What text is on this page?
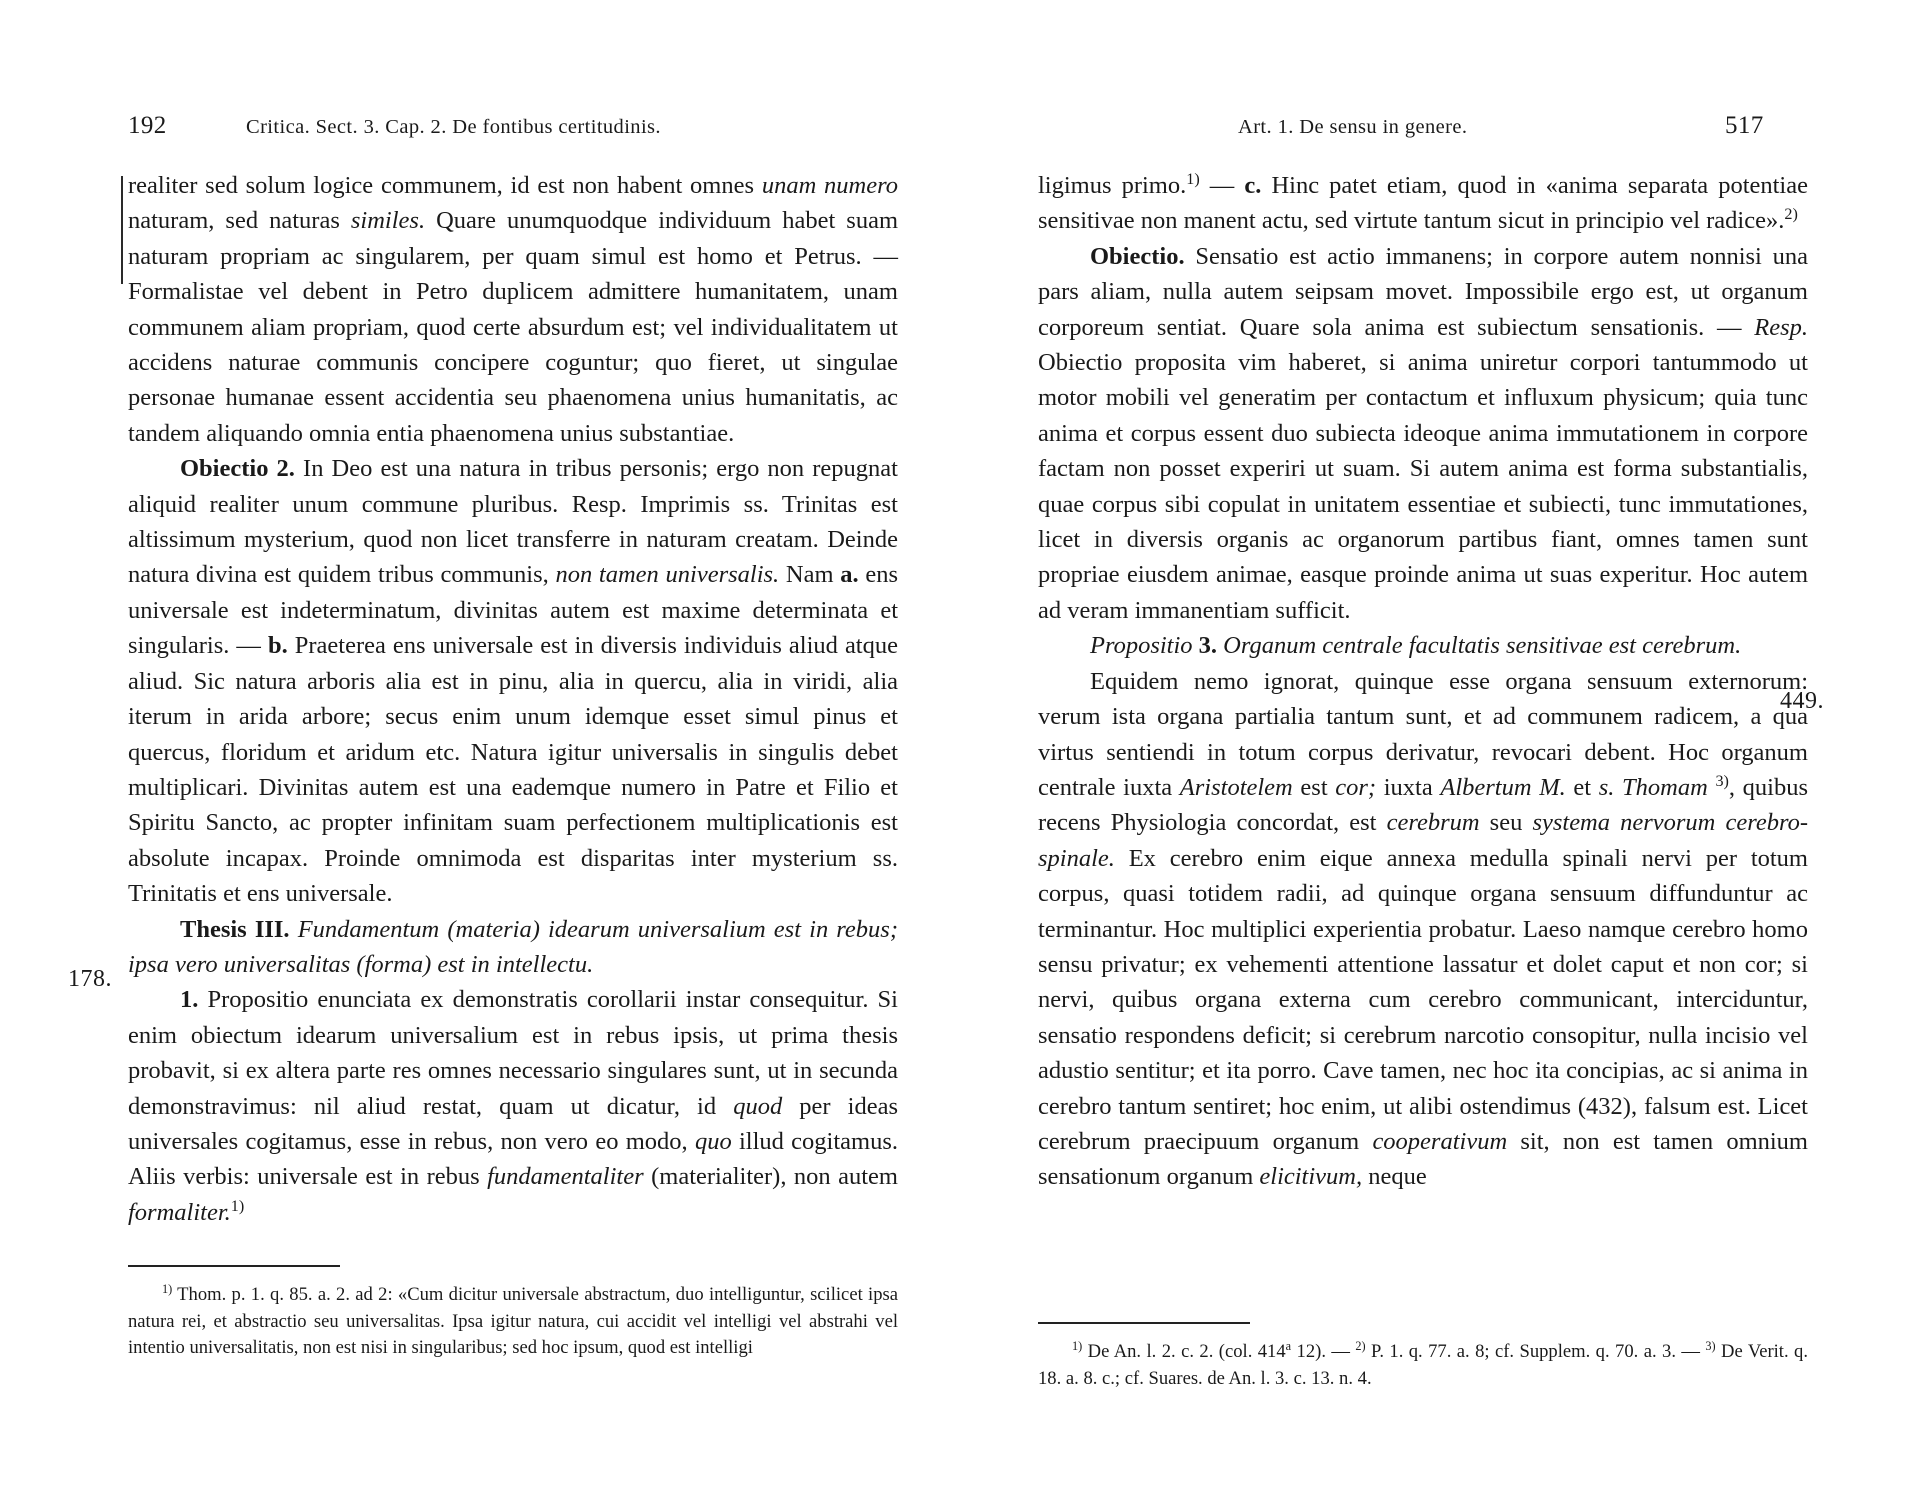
192	Critica. Sect. 3. Cap. 2. De fontibus certitudinis.	Art. 1. De sensu in genere.	517
178.
449.

realiter sed solum logice communem, id est non habent omnes unam numero naturam, sed naturas similes. Quare unumquodque individuum habet suam naturam propriam ac singularem, per quam simul est homo et Petrus. — Formalistae vel debent in Petro duplicem admittere humanitatem, unam communem aliam propriam, quod certe absurdum est; vel individualitatem ut accidens naturae communis concipere coguntur; quo fieret, ut singulae personae humanae essent accidentia seu phaenomena unius humanitatis, ac tandem aliquando omnia entia phaenomena unius substantiae.

Obiectio 2. In Deo est una natura in tribus personis; ergo non repugnat aliquid realiter unum commune pluribus. Resp. Imprimis ss. Trinitas est altissimum mysterium, quod non licet transferre in naturam creatam. Deinde natura divina est quidem tribus communis, non tamen universalis. Nam a. ens universale est indeterminatum, divinitas autem est maxime determinata et singularis. — b. Praeterea ens universale est in diversis individuis aliud atque aliud. Sic natura arboris alia est in pinu, alia in quercu, alia in viridi, alia iterum in arida arbore; secus enim unum idemque esset simul pinus et quercus, floridum et aridum etc. Natura igitur universalis in singulis debet multiplicari. Divinitas autem est una eademque numero in Patre et Filio et Spiritu Sancto, ac propter infinitam suam perfectionem multiplicationis est absolute incapax. Proinde omnimoda est disparitas inter mysterium ss. Trinitatis et ens universale.

Thesis III. Fundamentum (materia) idearum universalium est in rebus; ipsa vero universalitas (forma) est in intellectu.

1. Propositio enunciata ex demonstratis corollarii instar consequitur. Si enim obiectum idearum universalium est in rebus ipsis, ut prima thesis probavit, si ex altera parte res omnes necessario singulares sunt, ut in secunda demonstravimus: nil aliud restat, quam ut dicatur, id quod per ideas universales cogitamus, esse in rebus, non vero eo modo, quo illud cogitamus. Aliis verbis: universale est in rebus fundamentaliter (materialiter), non autem formaliter.$^{1)}$

ligimus primo.$^{1)}$ — c. Hinc patet etiam, quod in «anima separata potentiae sensitivae non manent actu, sed virtute tantum sicut in principio vel radice».$^{2)}$

Obiectio. Sensatio est actio immanens; in corpore autem nonnisi una pars aliam, nulla autem seipsam movet. Impossibile ergo est, ut organum corporeum sentiat. Quare sola anima est subiectum sensationis. — Resp. Obiectio proposita vim haberet, si anima uniretur corpori tantummodo ut motor mobili vel generatim per contactum et influxum physicum; quia tunc anima et corpus essent duo subiecta ideoque anima immutationem in corpore factam non posset experiri ut suam. Si autem anima est forma substantialis, quae corpus sibi copulat in unitatem essentiae et subiecti, tunc immutationes, licet in diversis organis ac organorum partibus fiant, omnes tamen sunt propriae eiusdem animae, easque proinde anima ut suas experitur. Hoc autem ad veram immanentiam sufficit.

Propositio 3. Organum centrale facultatis sensitivae est cerebrum.

Equidem nemo ignorat, quinque esse organa sensuum externorum: verum ista organa partialia tantum sunt, et ad communem radicem, a qua virtus sentiendi in totum corpus derivatur, revocari debent. Hoc organum centrale iuxta Aristotelem est cor; iuxta Albertum M. et s. Thomam $^{3)}$, quibus recens Physiologia concordat, est cerebrum seu systema nervorum cerebro-spinale. Ex cerebro enim eique annexa medulla spinali nervi per totum corpus, quasi totidem radii, ad quinque organa sensuum diffunduntur ac terminantur. Hoc multiplici experientia probatur. Laeso namque cerebro homo sensu privatur; ex vehementi attentione lassatur et dolet caput et non cor; si nervi, quibus organa externa cum cerebro communicant, interciduntur, sensatio respondens deficit; si cerebrum narcotio consopitur, nulla incisio vel adustio sentitur; et ita porro. Cave tamen, nec hoc ita concipias, ac si anima in cerebro tantum sentiret; hoc enim, ut alibi ostendimus (432), falsum est. Licet cerebrum praecipuum organum cooperativum sit, non est tamen omnium sensationum organum elicitivum, neque

$^{1)}$ Thom. p. 1. q. 85. a. 2. ad 2: «Cum dicitur universale abstractum, duo intelliguntur, scilicet ipsa natura rei, et abstractio seu universalitas. Ipsa igitur natura, cui accidit vel intelligi vel abstrahi vel intentio universalitatis, non est nisi in singularibus; sed hoc ipsum, quod est intelligi	$^{1)}$ De An. l. 2. c. 2. (col. 414$^a$ 12). — $^{2)}$ P. 1. q. 77. a. 8; cf. Supplem. q. 70. a. 3. — $^{3)}$ De Verit. q. 18. a. 8. c.; cf. Suares. de An. l. 3. c. 13. n. 4.
